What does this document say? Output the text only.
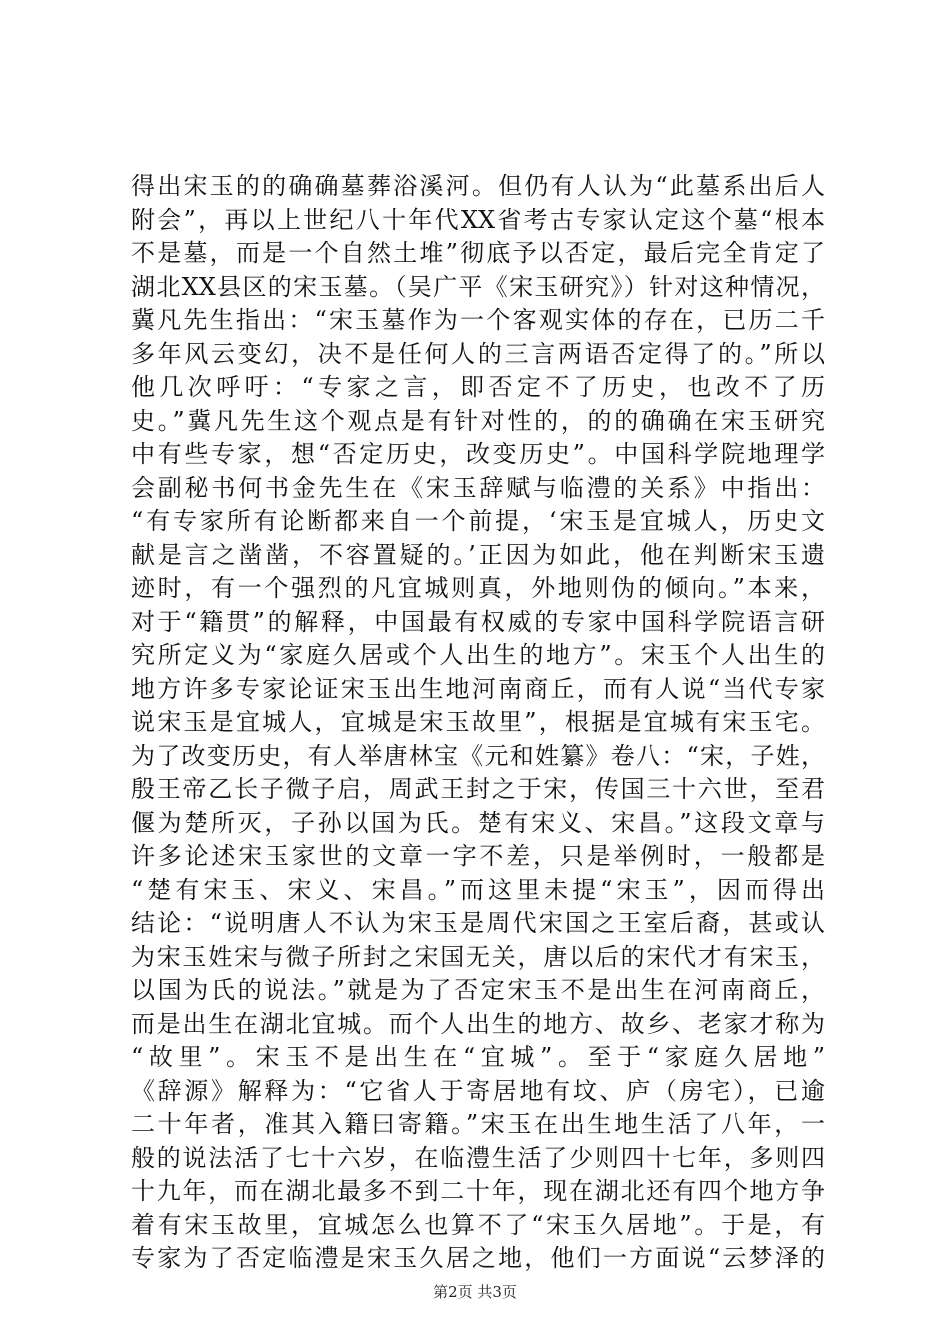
得出宋玉的的确确墓葬浴溪河。但仍有人认为“此墓系出后人
附会”，再以上世纪八十年代XX省考古专家认定这个墓“根本
不是墓，而是一个自然土堆”彻底予以否定，最后完全肯定了
湖北XX县区的宋玉墓。（吴广平《宋玉研究》）针对这种情况，
冀凡先生指出：“宋玉墓作为一个客观实体的存在，已历二千
多年风云变幻，决不是任何人的三言两语否定得了的。”所以
他几次呼吁：“专家之言，即否定不了历史，也改不了历
史。”冀凡先生这个观点是有针对性的，的的确确在宋玉研究
中有些专家，想“否定历史，改变历史”。中国科学院地理学
会副秘书何书金先生在《宋玉辞赋与临澧的关系》中指出：
“有专家所有论断都来自一个前提，‘宋玉是宜城人，历史文
献是言之凿凿，不容置疑的。’正因为如此，他在判断宋玉遗
迹时，有一个强烈的凡宜城则真，外地则伪的倾向。”本来，
对于“籍贯”的解释，中国最有权威的专家中国科学院语言研
究所定义为“家庭久居或个人出生的地方”。宋玉个人出生的
地方许多专家论证宋玉出生地河南商丘，而有人说“当代专家
说宋玉是宜城人，宜城是宋玉故里”，根据是宜城有宋玉宅。
为了改变历史，有人举唐林宝《元和姓纂》卷八：“宋，子姓，
殷王帝乙长子微子启，周武王封之于宋，传国三十六世，至君
偃为楚所灭，子孙以国为氏。楚有宋义、宋昌。”这段文章与
许多论述宋玉家世的文章一字不差，只是举例时，一般都是
“楚有宋玉、宋义、宋昌。”而这里未提“宋玉”，因而得出
结论：“说明唐人不认为宋玉是周代宋国之王室后裔，甚或认
为宋玉姓宋与微子所封之宋国无关，唐以后的宋代才有宋玉，
以国为氏的说法。”就是为了否定宋玉不是出生在河南商丘，
而是出生在湖北宜城。而个人出生的地方、故乡、老家才称为
“故里”。宋玉不是出生在“宜城”。至于“家庭久居地”
《辞源》解释为：“它省人于寄居地有坟、庐（房宅），已逾
二十年者，准其入籍曰寄籍。”宋玉在出生地生活了八年，一
般的说法活了七十六岁，在临澧生活了少则四十七年，多则四
十九年，而在湖北最多不到二十年，现在湖北还有四个地方争
着有宋玉故里，宜城怎么也算不了“宋玉久居地”。于是，有
专家为了否定临澧是宋玉久居之地，他们一方面说“云梦泽的
第2页 共3页
